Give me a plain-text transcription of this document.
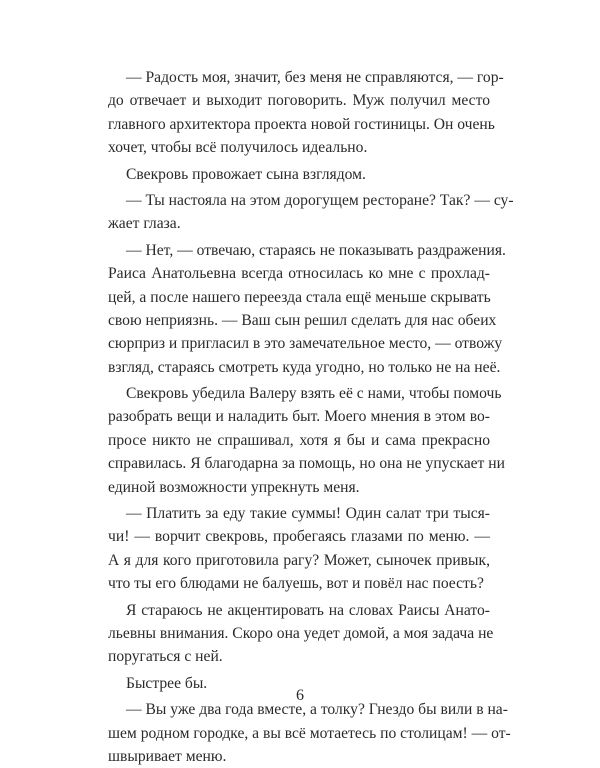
— Радость моя, значит, без меня не справляются, — гор-
до отвечает и выходит поговорить. Муж получил место
главного архитектора проекта новой гостиницы. Он очень
хочет, чтобы всё получилось идеально.
Свекровь провожает сына взглядом.
— Ты настояла на этом дорогущем ресторане? Так? — су-
жает глаза.
— Нет, — отвечаю, стараясь не показывать раздражения.
Раиса Анатольевна всегда относилась ко мне с прохлад-
цей, а после нашего переезда стала ещё меньше скрывать
свою неприязнь. — Ваш сын решил сделать для нас обеих
сюрприз и пригласил в это замечательное место, — отвожу
взгляд, стараясь смотреть куда угодно, но только не на неё.
Свекровь убедила Валеру взять её с нами, чтобы помочь
разобрать вещи и наладить быт. Моего мнения в этом во-
просе никто не спрашивал, хотя я бы и сама прекрасно
справилась. Я благодарна за помощь, но она не упускает ни
единой возможности упрекнуть меня.
— Платить за еду такие суммы! Один салат три тыся-
чи! — ворчит свекровь, пробегаясь глазами по меню. —
А я для кого приготовила рагу? Может, сыночек привык,
что ты его блюдами не балуешь, вот и повёл нас поесть?
Я стараюсь не акцентировать на словах Раисы Анато-
льевны внимания. Скоро она уедет домой, а моя задача не
поругаться с ней.
Быстрее бы.
— Вы уже два года вместе, а толку? Гнездо бы вили в на-
шем родном городке, а вы всё мотаетесь по столицам! — от-
швыривает меню.
6
